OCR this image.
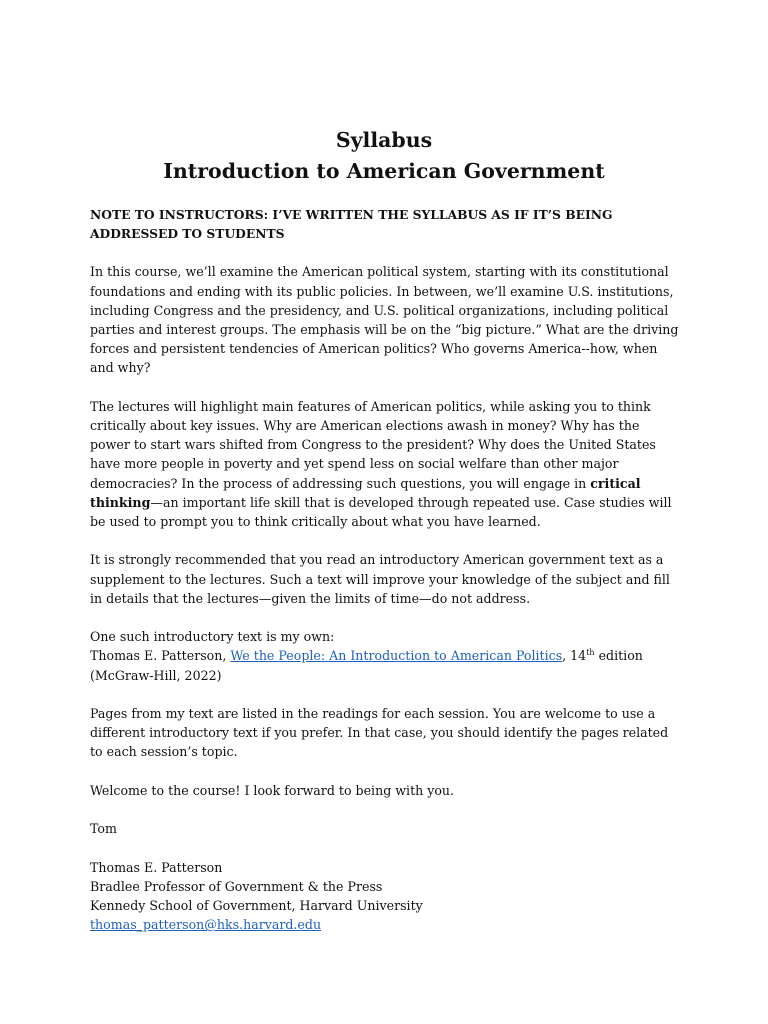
Syllabus
Introduction to American Government
NOTE TO INSTRUCTORS: I’VE WRITTEN THE SYLLABUS AS IF IT’S BEING ADDRESSED TO STUDENTS

In this course, we’ll examine the American political system, starting with its constitutional foundations and ending with its public policies. In between, we’ll examine U.S. institutions, including Congress and the presidency, and U.S. political organizations, including political parties and interest groups. The emphasis will be on the “big picture.” What are the driving forces and persistent tendencies of American politics? Who governs America--how, when and why?

The lectures will highlight main features of American politics, while asking you to think critically about key issues. Why are American elections awash in money? Why has the power to start wars shifted from Congress to the president? Why does the United States have more people in poverty and yet spend less on social welfare than other major democracies? In the process of addressing such questions, you will engage in critical thinking—an important life skill that is developed through repeated use. Case studies will be used to prompt you to think critically about what you have learned.

It is strongly recommended that you read an introductory American government text as a supplement to the lectures. Such a text will improve your knowledge of the subject and fill in details that the lectures—given the limits of time—do not address.

One such introductory text is my own:
Thomas E. Patterson, We the People: An Introduction to American Politics, 14th edition (McGraw-Hill, 2022)

Pages from my text are listed in the readings for each session. You are welcome to use a different introductory text if you prefer. In that case, you should identify the pages related to each session’s topic.

Welcome to the course! I look forward to being with you.

Tom

Thomas E. Patterson
Bradlee Professor of Government & the Press
Kennedy School of Government, Harvard University
thomas_patterson@hks.harvard.edu
